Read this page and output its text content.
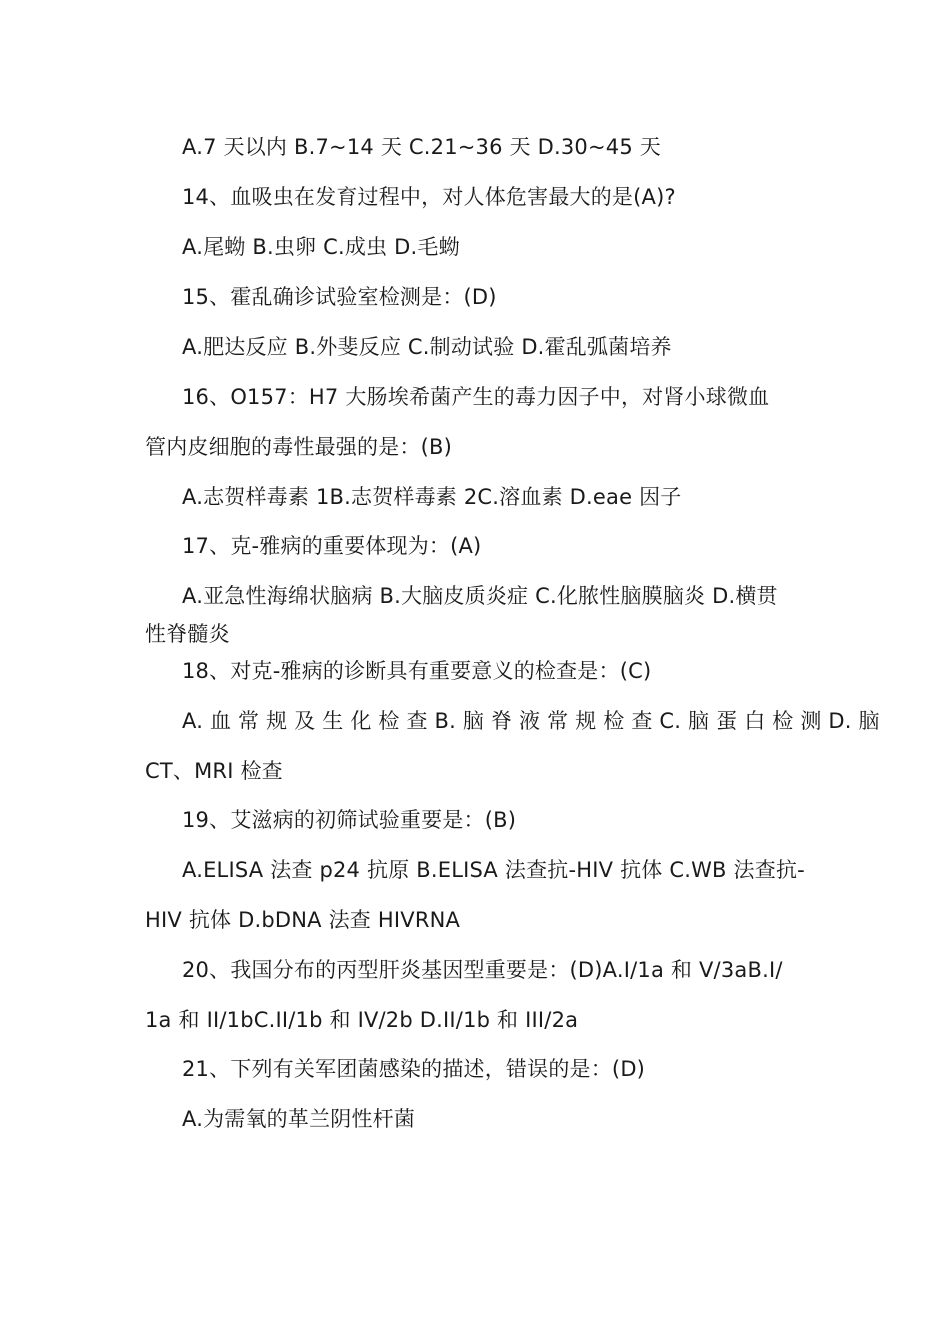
A.7 天以内 B.7~14 天 C.21~36 天 D.30~45 天
14、血吸虫在发育过程中，对人体危害最大的是(A)?
A.尾蚴 B.虫卵 C.成虫 D.毛蚴
15、霍乱确诊试验室检测是：(D)
A.肥达反应 B.外斐反应 C.制动试验 D.霍乱弧菌培养
16、O157：H7 大肠埃希菌产生的毒力因子中，对肾小球微血
管内皮细胞的毒性最强的是：(B)
A.志贺样毒素 1B.志贺样毒素 2C.溶血素 D.eae 因子
17、克-雅病的重要体现为：(A)
A.亚急性海绵状脑病 B.大脑皮质炎症 C.化脓性脑膜脑炎 D.横贯
性脊髓炎
18、对克-雅病的诊断具有重要意义的检查是：(C)
A. 血 常 规 及 生 化 检 查 B. 脑 脊 液 常 规 检 查 C. 脑 蛋 白 检 测 D. 脑
CT、MRI 检查
19、艾滋病的初筛试验重要是：(B)
A.ELISA 法查 p24 抗原 B.ELISA 法查抗-HIV 抗体 C.WB 法查抗-
HIV 抗体 D.bDNA 法查 HIVRNA
20、我国分布的丙型肝炎基因型重要是：(D)A.I/1a 和 V/3aB.I/
1a 和 II/1bC.II/1b 和 IV/2b D.II/1b 和 III/2a
21、下列有关军团菌感染的描述，错误的是：(D)
A.为需氧的革兰阴性杆菌
